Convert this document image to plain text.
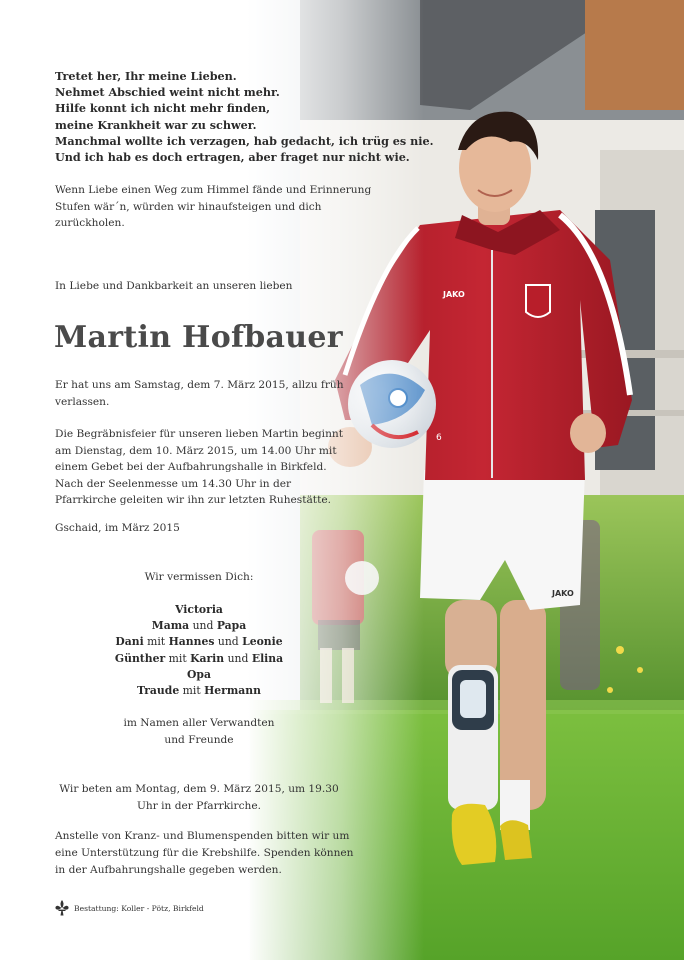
Tretet her, Ihr meine Lieben.
Nehmet Abschied weint nicht mehr.
Hilfe konnt ich nicht mehr finden,
meine Krankheit war zu schwer.
Manchmal wollte ich verzagen, hab gedacht, ich trüg es nie.
Und ich hab es doch ertragen, aber fraget nur nicht wie.
Wenn Liebe einen Weg zum Himmel fände und Erinnerung Stufen wär´n, würden wir hinaufsteigen und dich zurückholen.
In Liebe und Dankbarkeit an unseren lieben
Martin Hofbauer
Er hat uns am Samstag, dem 7. März 2015, allzu früh verlassen.
Die Begräbnisfeier für unseren lieben Martin beginnt am Dienstag, dem 10. März 2015, um 14.00 Uhr mit einem Gebet bei der Aufbahrungshalle in Birkfeld. Nach der Seelenmesse um 14.30 Uhr in der Pfarrkirche geleiten wir ihn zur letzten Ruhestätte.
Gschaid, im März 2015
Wir vermissen Dich:
Victoria
Mama und Papa
Dani mit Hannes und Leonie
Günther mit Karin und Elina
Opa
Traude mit Hermann
im Namen aller Verwandten
und Freunde
Wir beten am Montag, dem 9. März 2015, um 19.30
Uhr in der Pfarrkirche.
Anstelle von Kranz- und Blumenspenden bitten wir um eine Unterstützung für die Krebshilfe. Spenden können in der Aufbahrungshalle gegeben werden.
Bestattung: Koller - Pötz, Birkfeld
